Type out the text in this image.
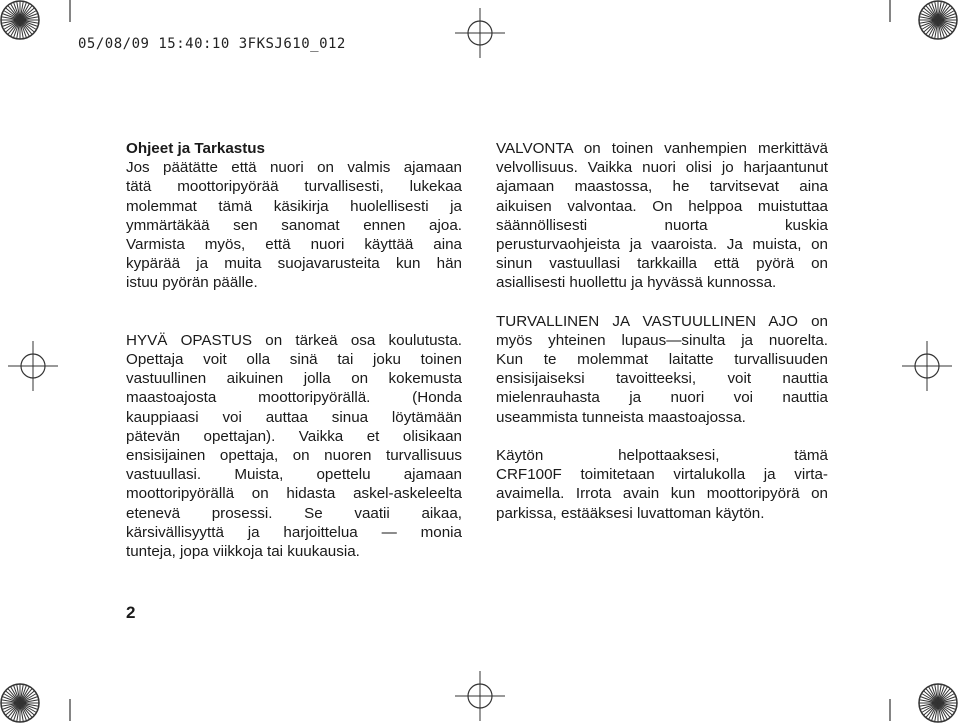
05/08/09 15:40:10 3FKSJ610_012
Ohjeet ja Tarkastus
Jos päätätte että nuori on valmis ajamaan
tätä moottoripyörää turvallisesti, lukekaa
molemmat tämä käsikirja huolellisesti ja
ymmärtäkää sen sanomat ennen ajoa.
Varmista myös, että nuori käyttää aina
kypärää ja muita suojavarusteita kun hän
istuu pyörän päälle.
HYVÄ OPASTUS on tärkeä osa koulutusta.
Opettaja voit olla sinä tai joku toinen
vastuullinen aikuinen jolla on kokemusta
maastoajosta moottoripyörällä. (Honda
kauppiaasi voi auttaa sinua löytämään
pätevän opettajan). Vaikka et olisikaan
ensisijainen opettaja, on nuoren turvallisuus
vastuullasi. Muista, opettelu ajamaan
moottoripyörällä on hidasta askel-askeleelta
etenevä prosessi. Se vaatii aikaa,
kärsivällisyyttä ja harjoittelua ― monia
tunteja, jopa viikkoja tai kuukausia.
VALVONTA on toinen vanhempien merkittävä
velvollisuus. Vaikka nuori olisi jo harjaantunut
ajamaan maastossa, he tarvitsevat aina
aikuisen valvontaa. On helppoa muistuttaa
säännöllisesti nuorta kuskia
perusturvaohjeista ja vaaroista. Ja muista, on
sinun vastuullasi tarkkailla että pyörä on
asiallisesti huollettu ja hyvässä kunnossa.
TURVALLINEN JA VASTUULLINEN AJO on
myös yhteinen lupaus―sinulta ja nuorelta.
Kun te molemmat laitatte turvallisuuden
ensisijaiseksi tavoitteeksi, voit nauttia
mielenrauhasta ja nuori voi nauttia
useammista tunneista maastoajossa.
Käytön helpottaaksesi, tämä
CRF100F toimitetaan virtalukolla ja virta-
avaimella. Irrota avain kun moottoripyörä on
parkissa, estääksesi luvattoman käytön.
2
